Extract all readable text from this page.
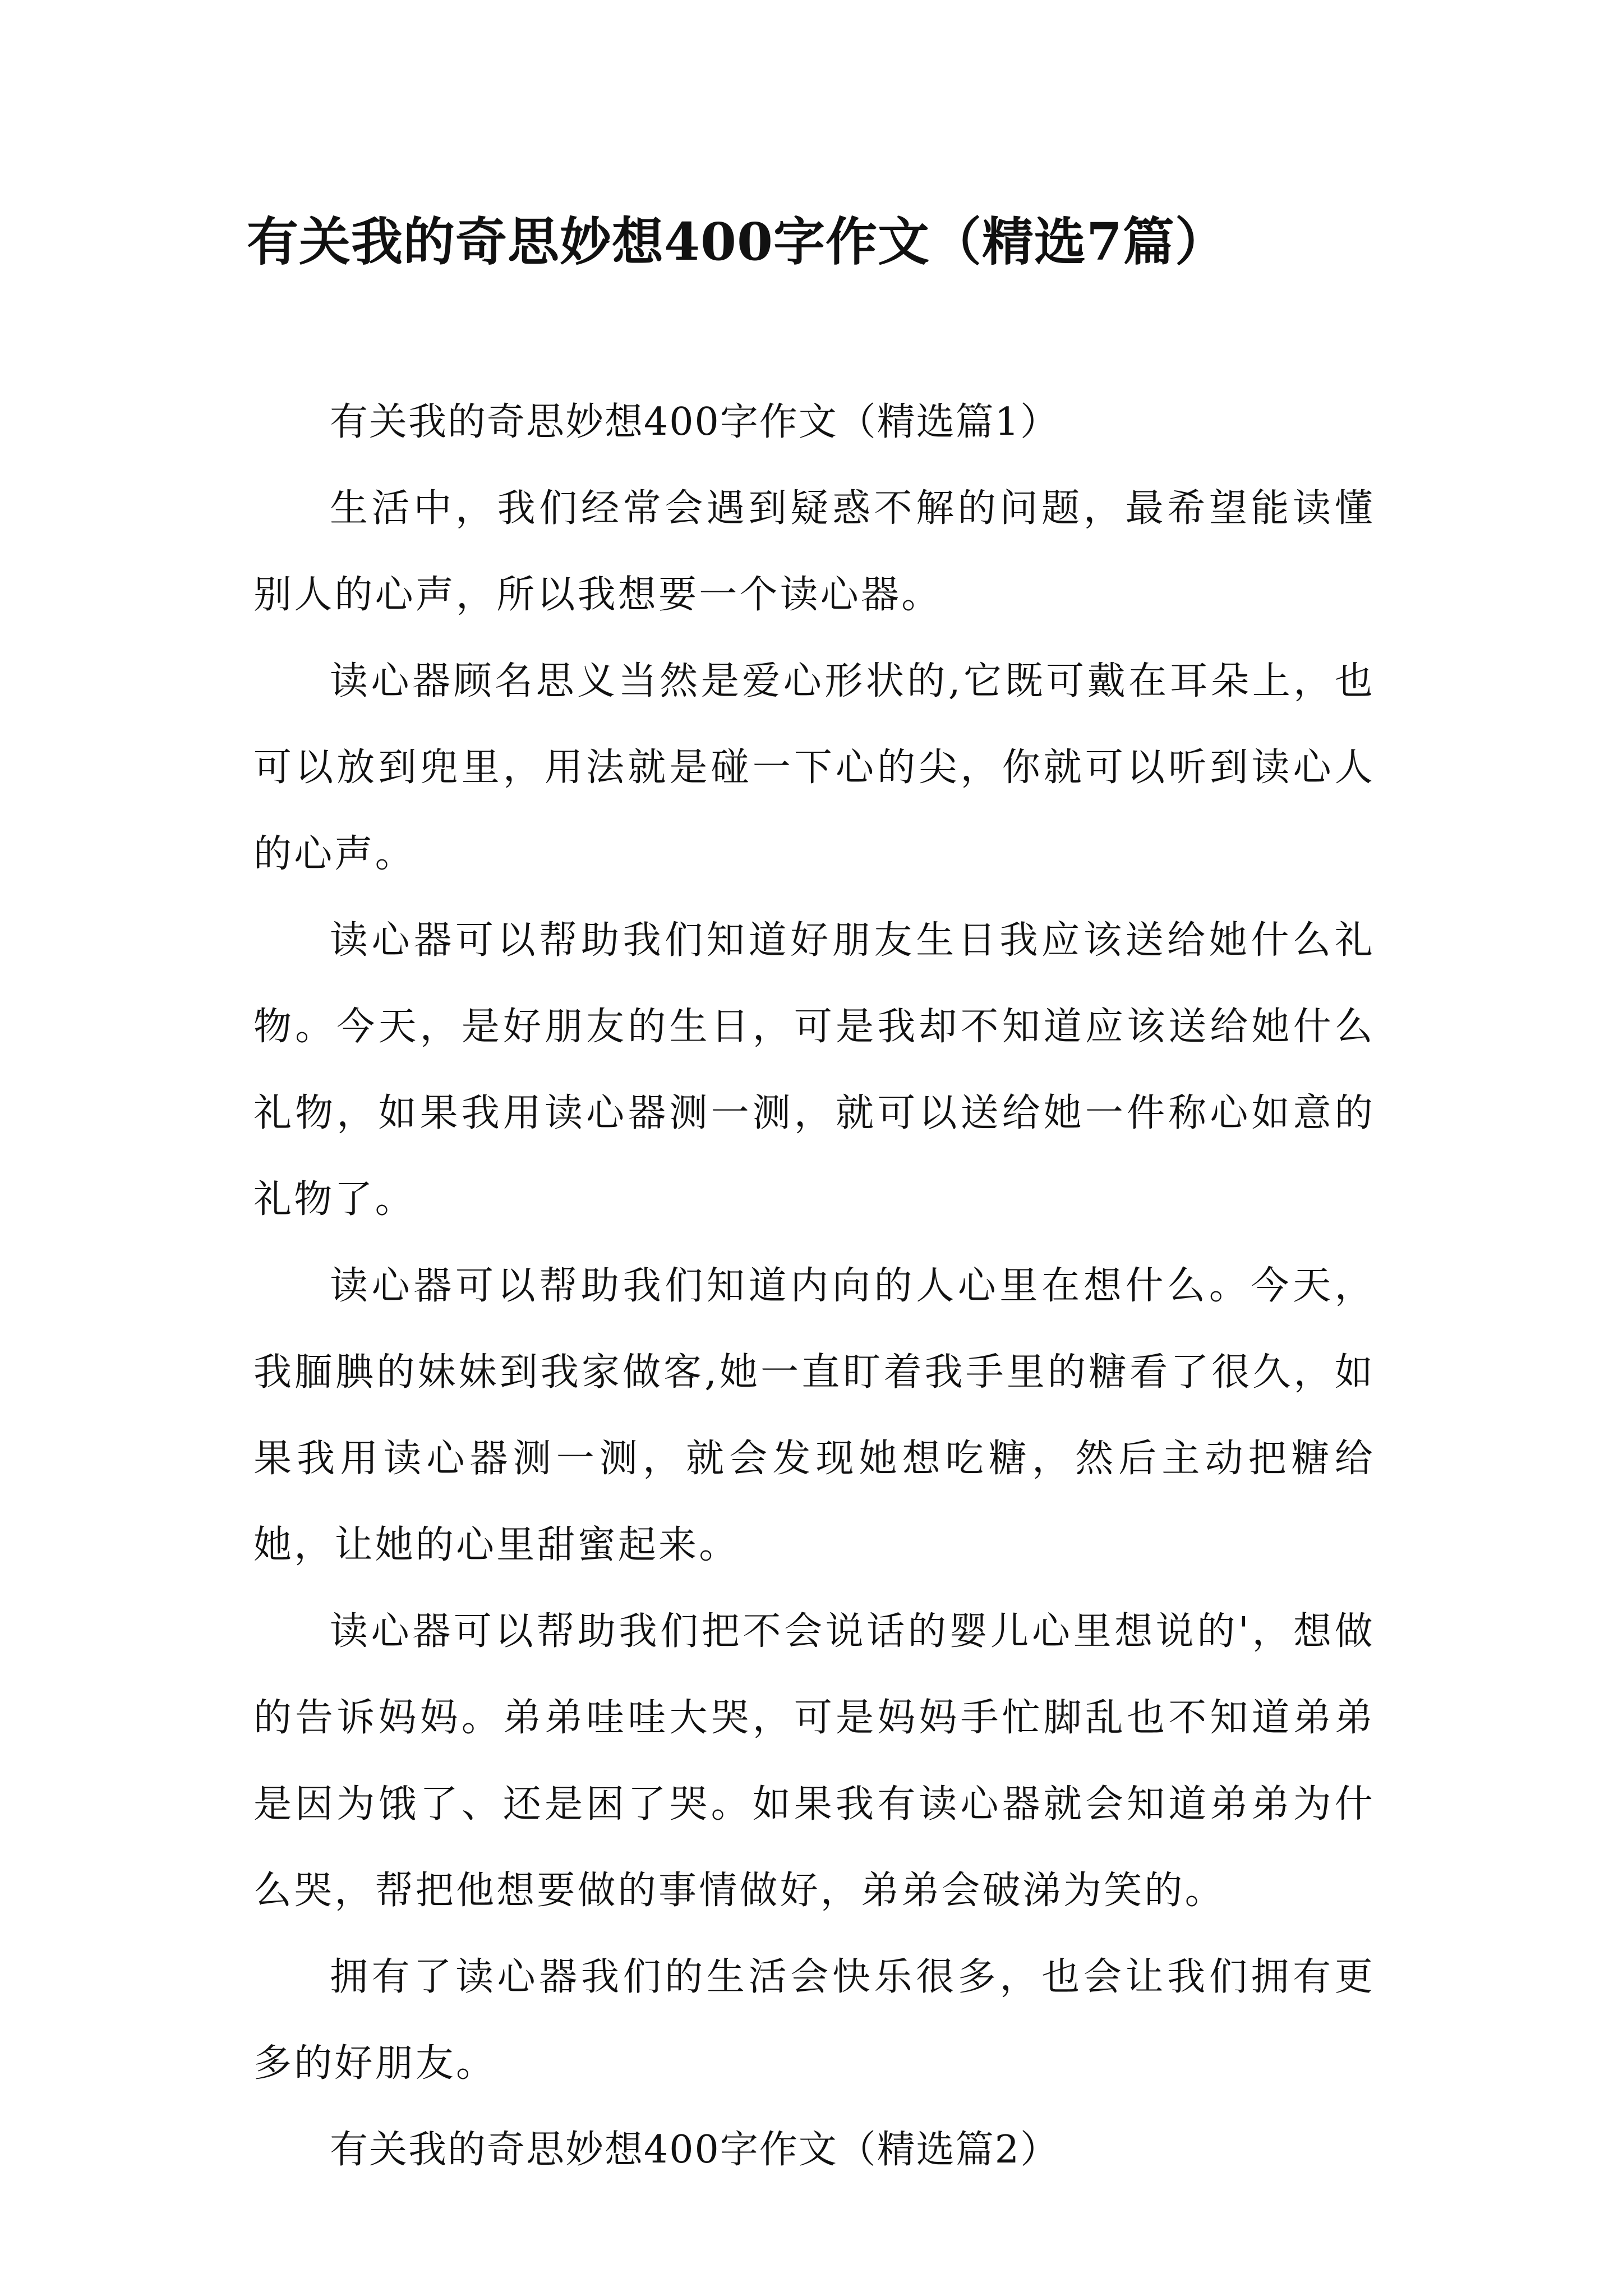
有关我的奇思妙想400字作文（精选7篇）

有关我的奇思妙想400字作文（精选篇1）

生活中，我们经常会遇到疑惑不解的问题，最希望能读懂别人的心声，所以我想要一个读心器。

读心器顾名思义当然是爱心形状的,它既可戴在耳朵上，也可以放到兜里，用法就是碰一下心的尖，你就可以听到读心人的心声。

读心器可以帮助我们知道好朋友生日我应该送给她什么礼物。今天，是好朋友的生日，可是我却不知道应该送给她什么礼物，如果我用读心器测一测，就可以送给她一件称心如意的礼物了。

读心器可以帮助我们知道内向的人心里在想什么。今天，我腼腆的妹妹到我家做客,她一直盯着我手里的糖看了很久，如果我用读心器测一测，就会发现她想吃糖，然后主动把糖给她，让她的心里甜蜜起来。

读心器可以帮助我们把不会说话的婴儿心里想说的'，想做的告诉妈妈。弟弟哇哇大哭，可是妈妈手忙脚乱也不知道弟弟是因为饿了、还是困了哭。如果我有读心器就会知道弟弟为什么哭，帮把他想要做的事情做好，弟弟会破涕为笑的。

拥有了读心器我们的生活会快乐很多，也会让我们拥有更多的好朋友。

有关我的奇思妙想400字作文（精选篇2）
